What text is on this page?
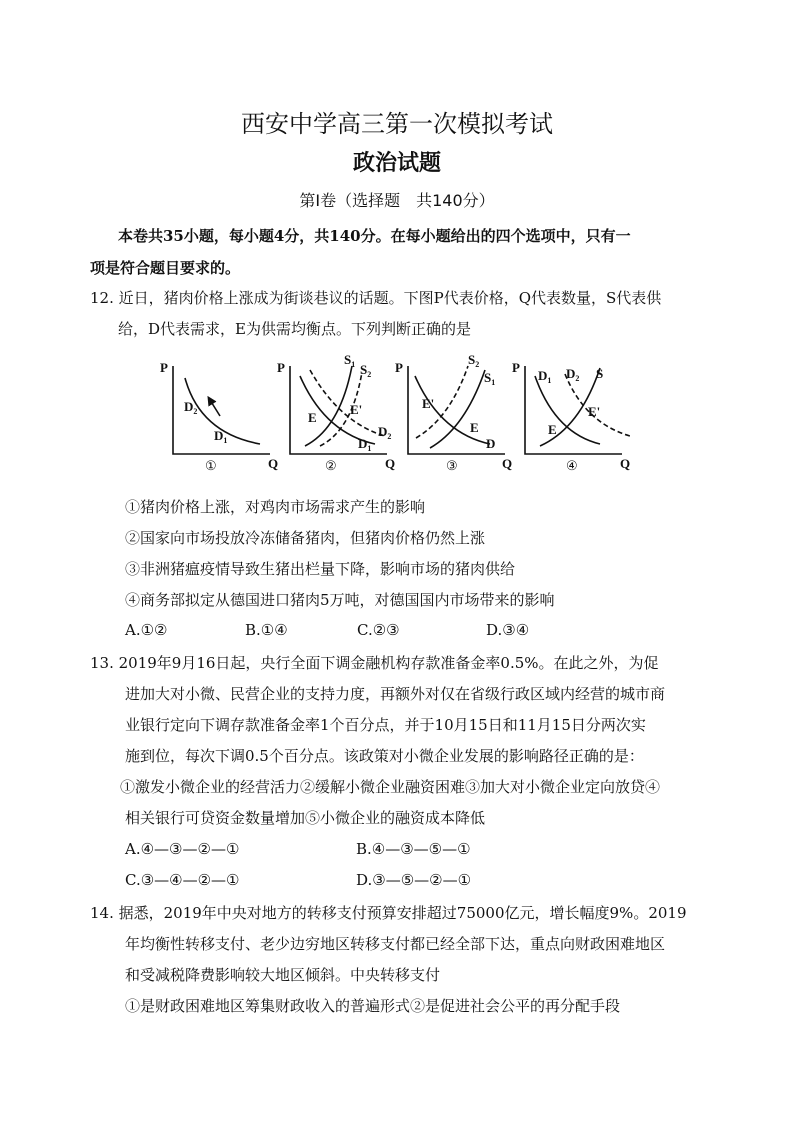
西安中学高三第一次模拟考试
政治试题
第Ⅰ卷（选择题　共140分）
本卷共35小题，每小题4分，共140分。在每小题给出的四个选项中，只有一
项是符合题目要求的。
12. 近日，猪肉价格上涨成为街谈巷议的话题。下图P代表价格，Q代表数量，S代表供
给，D代表需求，E为供需均衡点。下列判断正确的是
P
Q
$D_2$
$D_1$
①
P
Q
$S_1$ $S_2$
E
E'
$D_2$
$D_1$
②
P
Q
$S_2$
$S_1$
E'
E
D
③
P
Q
$D_1$ $D_2$ S
E
E'
④
①猪肉价格上涨，对鸡肉市场需求产生的影响
②国家向市场投放冷冻储备猪肉，但猪肉价格仍然上涨
③非洲猪瘟疫情导致生猪出栏量下降，影响市场的猪肉供给
④商务部拟定从德国进口猪肉5万吨，对德国国内市场带来的影响
A.①②	B.①④	C.②③	D.③④
13. 2019年9月16日起，央行全面下调金融机构存款准备金率0.5%。在此之外，为促
进加大对小微、民营企业的支持力度，再额外对仅在省级行政区域内经营的城市商
业银行定向下调存款准备金率1个百分点，并于10月15日和11月15日分两次实
施到位，每次下调0.5个百分点。该政策对小微企业发展的影响路径正确的是：
①激发小微企业的经营活力②缓解小微企业融资困难③加大对小微企业定向放贷④
相关银行可贷资金数量增加⑤小微企业的融资成本降低
A.④—③—②—①	B.④—③—⑤—①
C.③—④—②—①	D.③—⑤—②—①
14. 据悉，2019年中央对地方的转移支付预算安排超过75000亿元，增长幅度9%。2019
年均衡性转移支付、老少边穷地区转移支付都已经全部下达，重点向财政困难地区
和受减税降费影响较大地区倾斜。中央转移支付
①是财政困难地区筹集财政收入的普遍形式②是促进社会公平的再分配手段
